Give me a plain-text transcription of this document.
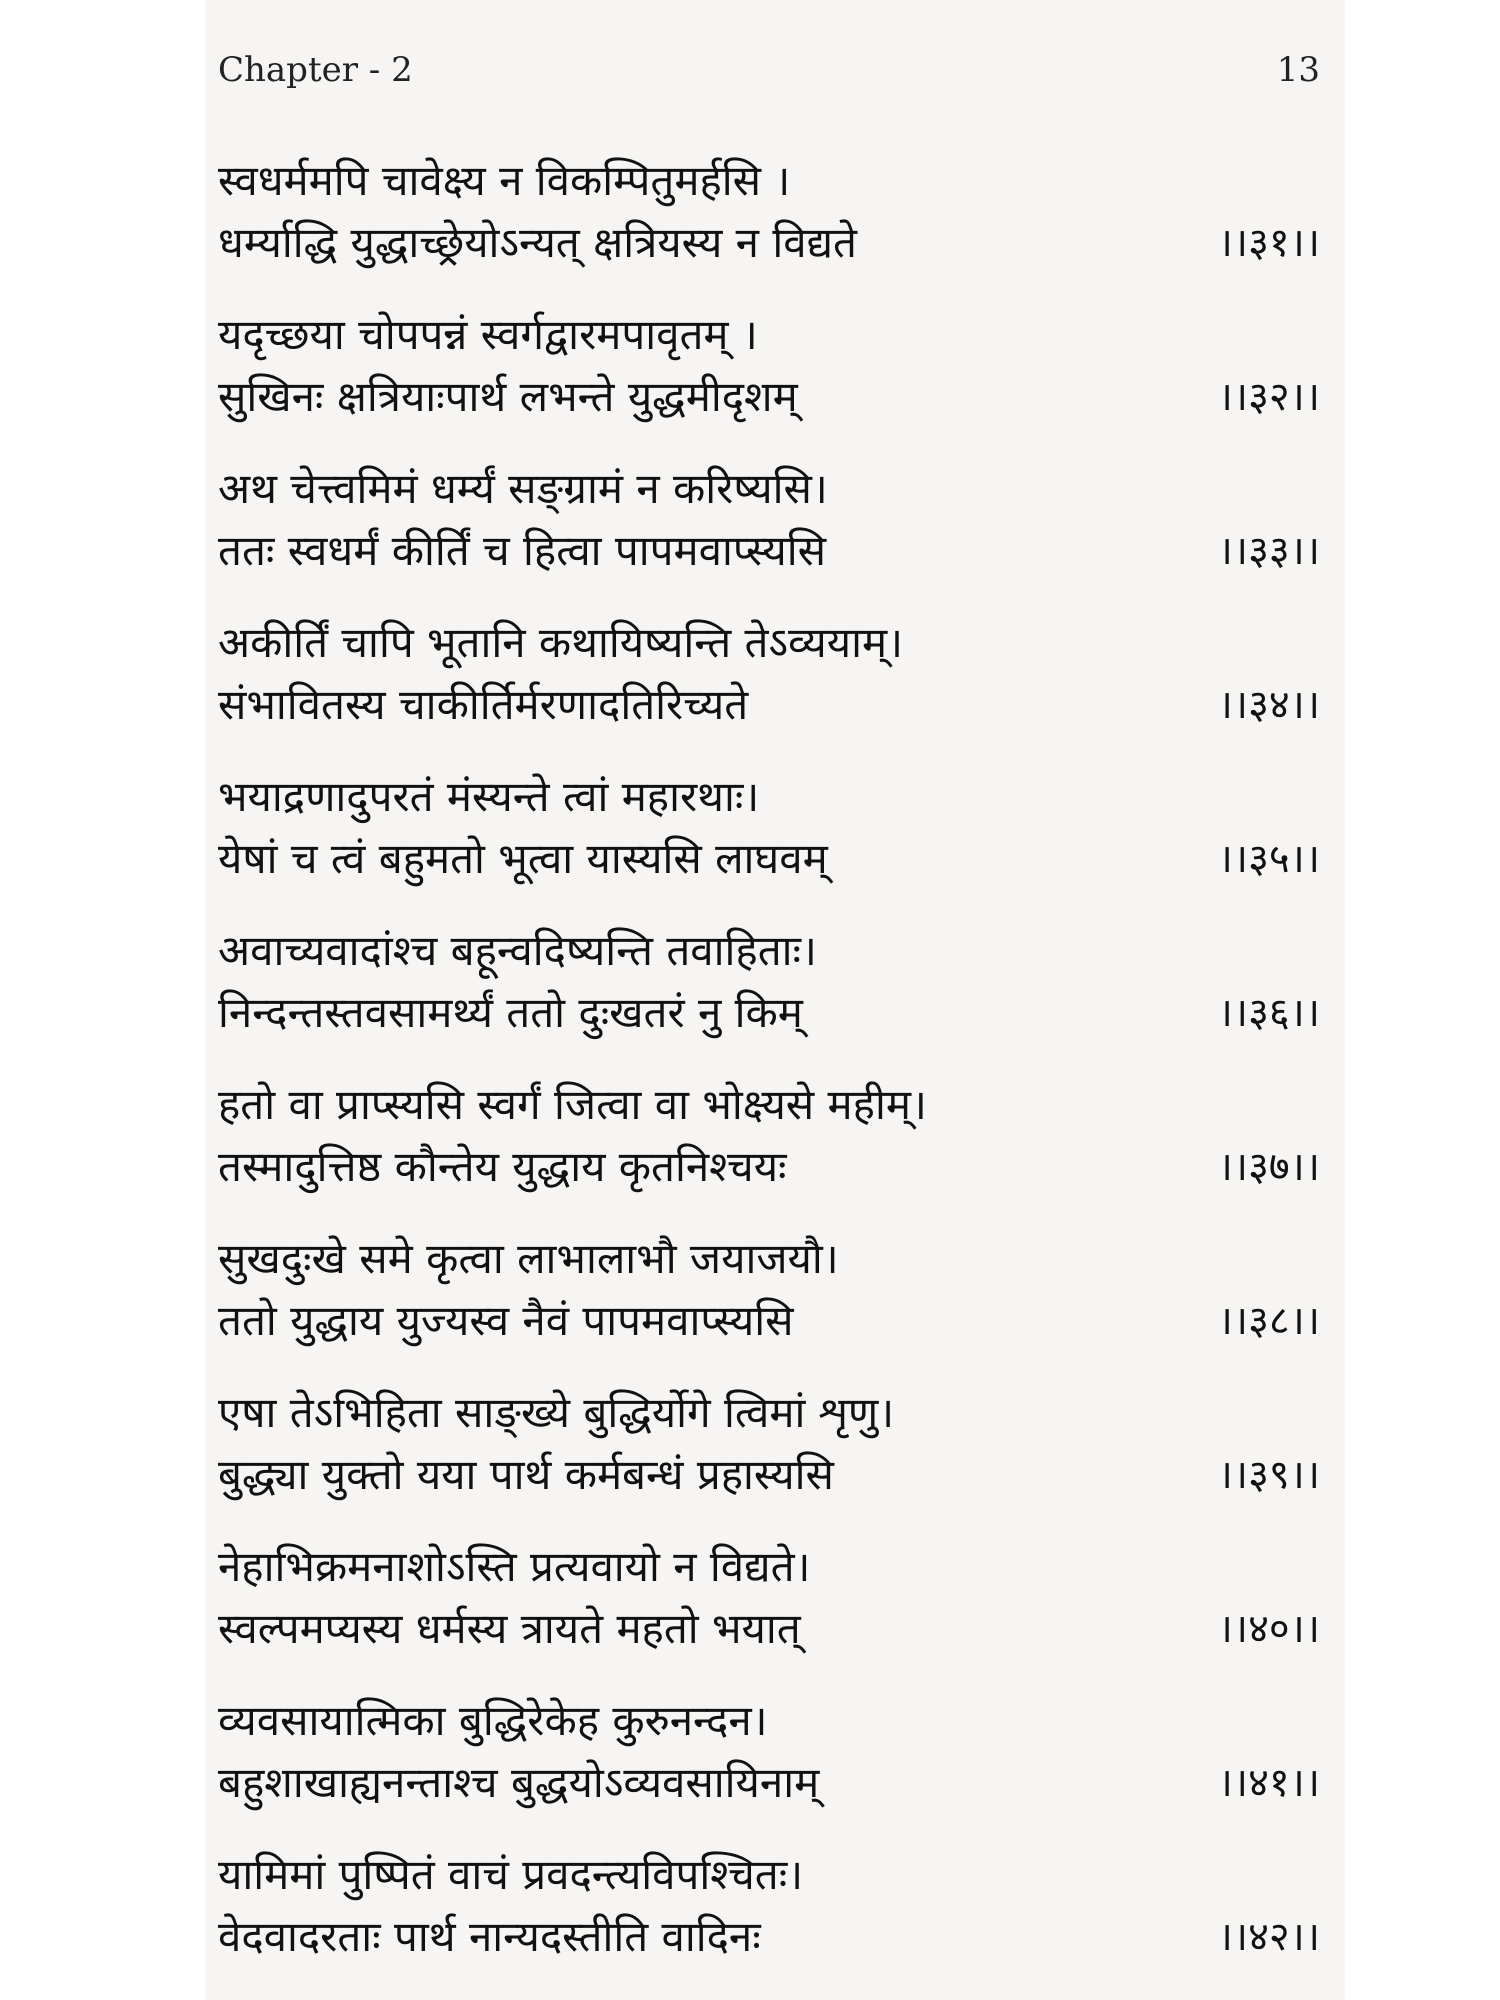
Chapter - 2	13
स्वधर्ममपि चावेक्ष्य न विकम्पितुमर्हसि ।
धर्म्याद्धि युद्धाच्छ्रेयोऽन्यत् क्षत्रियस्य न विद्यते	।।३१।।
यदृच्छया चोपपन्नं स्वर्गद्वारमपावृतम् ।
सुखिनः क्षत्रियाःपार्थ लभन्ते युद्धमीदृशम्	।।३२।।
अथ चेत्त्वमिमं धर्म्यं सङ्ग्रामं न करिष्यसि।
ततः स्वधर्मं कीर्तिं च हित्वा पापमवाप्स्यसि	।।३३।।
अकीर्तिं चापि भूतानि कथायिष्यन्ति तेऽव्ययाम्।
संभावितस्य चाकीर्तिर्मरणादतिरिच्यते	।।३४।।
भयाद्रणादुपरतं मंस्यन्ते त्वां महारथाः।
येषां च त्वं बहुमतो भूत्वा यास्यसि लाघवम्	।।३५।।
अवाच्यवादांश्च बहून्वदिष्यन्ति तवाहिताः।
निन्दन्तस्तवसामर्थ्यं ततो दुःखतरं नु किम्	।।३६।।
हतो वा प्राप्स्यसि स्वर्गं जित्वा वा भोक्ष्यसे महीम्।
तस्मादुत्तिष्ठ कौन्तेय युद्धाय कृतनिश्चयः	।।३७।।
सुखदुःखे समे कृत्वा लाभालाभौ जयाजयौ।
ततो युद्धाय युज्यस्व नैवं पापमवाप्स्यसि	।।३८।।
एषा तेऽभिहिता साङ्ख्ये बुद्धिर्योगे त्विमां शृणु।
बुद्ध्या युक्तो यया पार्थ कर्मबन्धं प्रहास्यसि	।।३९।।
नेहाभिक्रमनाशोऽस्ति प्रत्यवायो न विद्यते।
स्वल्पमप्यस्य धर्मस्य त्रायते महतो भयात्	।।४०।।
व्यवसायात्मिका बुद्धिरेकेह कुरुनन्दन।
बहुशाखाह्यनन्ताश्च बुद्धयोऽव्यवसायिनाम्	।।४१।।
यामिमां पुष्पितं वाचं प्रवदन्त्यविपश्चितः।
वेदवादरताः पार्थ नान्यदस्तीति वादिनः	।।४२।।
